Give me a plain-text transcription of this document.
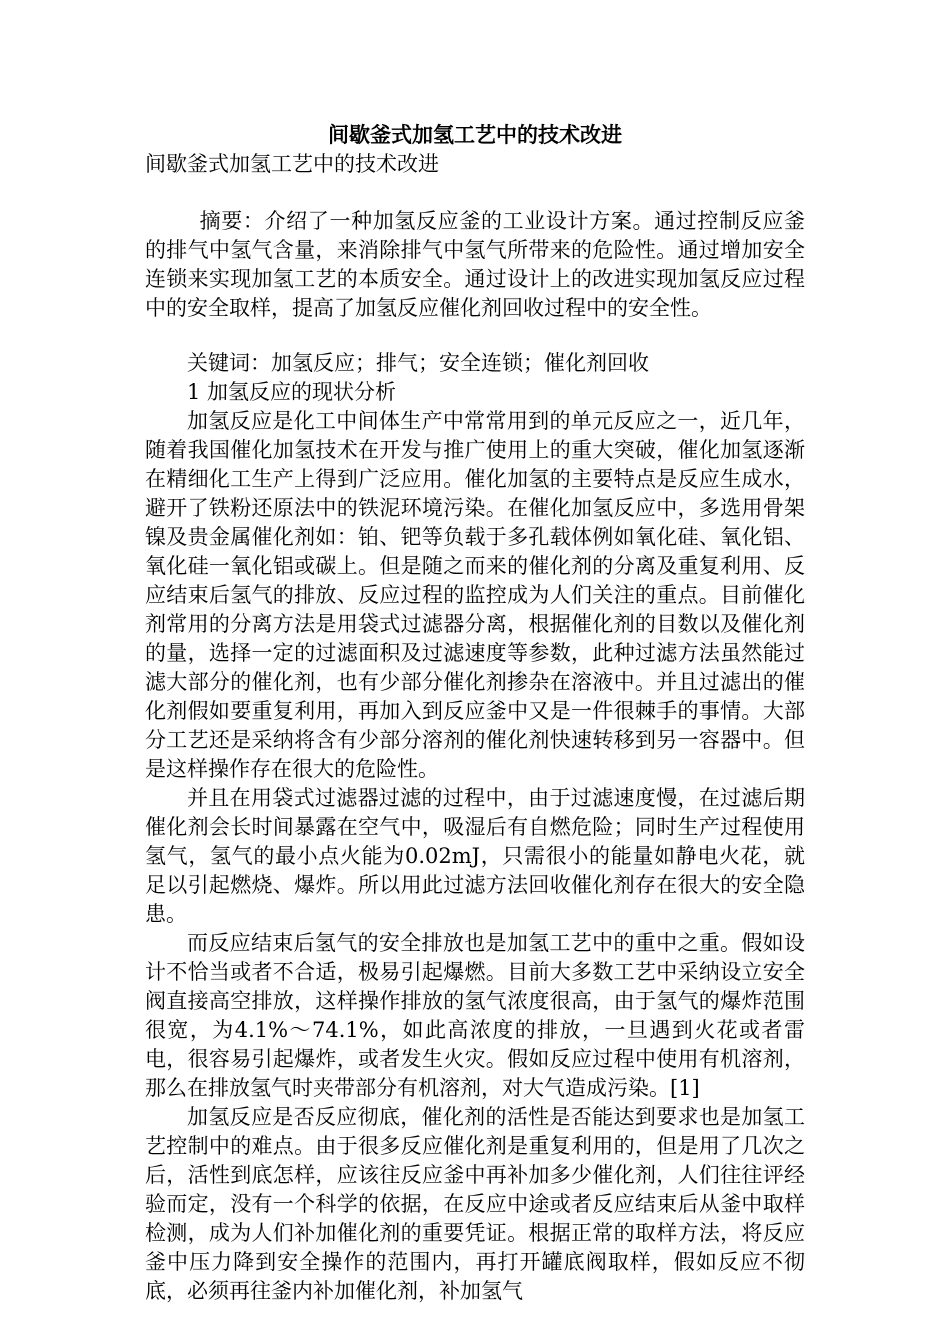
间歇釜式加氢工艺中的技术改进

间歇釜式加氢工艺中的技术改进

摘要：介绍了一种加氢反应釜的工业设计方案。通过控制反应釜的排气中氢气含量，来消除排气中氢气所带来的危险性。通过增加安全连锁来实现加氢工艺的本质安全。通过设计上的改进实现加氢反应过程中的安全取样，提高了加氢反应催化剂回收过程中的安全性。

关键词：加氢反应；排气；安全连锁；催化剂回收

1 加氢反应的现状分析

加氢反应是化工中间体生产中常常用到的单元反应之一，近几年，随着我国催化加氢技术在开发与推广使用上的重大突破，催化加氢逐渐在精细化工生产上得到广泛应用。催化加氢的主要特点是反应生成水，避开了铁粉还原法中的铁泥环境污染。在催化加氢反应中，多选用骨架镍及贵金属催化剂如：铂、钯等负载于多孔载体例如氧化硅、氧化铝、氧化硅一氧化铝或碳上。但是随之而来的催化剂的分离及重复利用、反应结束后氢气的排放、反应过程的监控成为人们关注的重点。目前催化剂常用的分离方法是用袋式过滤器分离，根据催化剂的目数以及催化剂的量，选择一定的过滤面积及过滤速度等参数，此种过滤方法虽然能过滤大部分的催化剂，也有少部分催化剂掺杂在溶液中。并且过滤出的催化剂假如要重复利用，再加入到反应釜中又是一件很棘手的事情。大部分工艺还是采纳将含有少部分溶剂的催化剂快速转移到另一容器中。但是这样操作存在很大的危险性。

并且在用袋式过滤器过滤的过程中，由于过滤速度慢，在过滤后期催化剂会长时间暴露在空气中，吸湿后有自燃危险；同时生产过程使用氢气，氢气的最小点火能为0.02mJ，只需很小的能量如静电火花，就足以引起燃烧、爆炸。所以用此过滤方法回收催化剂存在很大的安全隐患。

而反应结束后氢气的安全排放也是加氢工艺中的重中之重。假如设计不恰当或者不合适，极易引起爆燃。目前大多数工艺中采纳设立安全阀直接高空排放，这样操作排放的氢气浓度很高，由于氢气的爆炸范围很宽，为4.1%～74.1%，如此高浓度的排放，一旦遇到火花或者雷电，很容易引起爆炸，或者发生火灾。假如反应过程中使用有机溶剂，那么在排放氢气时夹带部分有机溶剂，对大气造成污染。[1]

加氢反应是否反应彻底，催化剂的活性是否能达到要求也是加氢工艺控制中的难点。由于很多反应催化剂是重复利用的，但是用了几次之后，活性到底怎样，应该往反应釜中再补加多少催化剂，人们往往评经验而定，没有一个科学的依据，在反应中途或者反应结束后从釜中取样检测，成为人们补加催化剂的重要凭证。根据正常的取样方法，将反应釜中压力降到安全操作的范围内，再打开罐底阀取样，假如反应不彻底，必须再往釜内补加催化剂，补加氢气
